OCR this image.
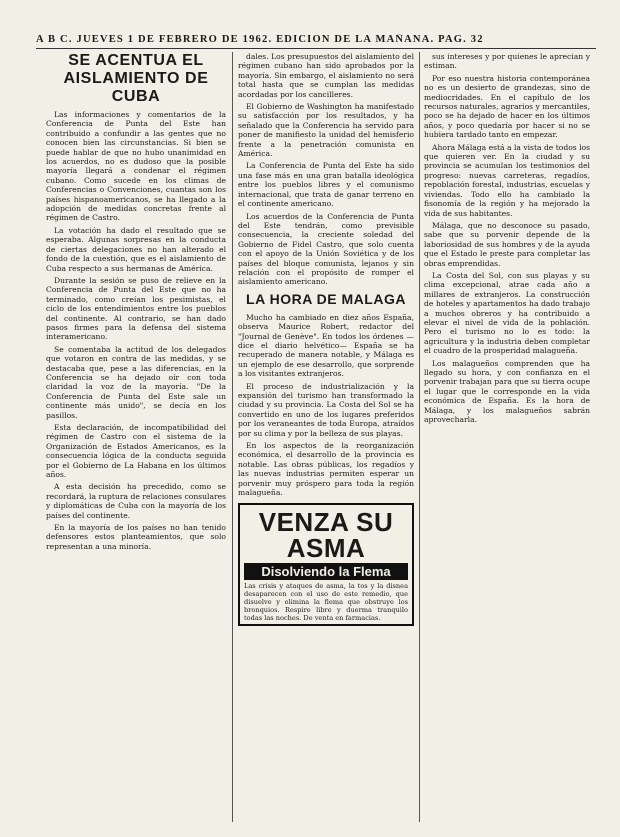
A B C. JUEVES 1 DE FEBRERO DE 1962. EDICION DE LA MAÑANA. PAG. 32
SE ACENTUA EL AISLAMIENTO DE CUBA

Las informaciones y comentarios de la Conferencia de Punta del Este han contribuido a confundir a las gentes que no conocen bien las circunstancias. Si bien se puede hablar de que no hubo unanimidad en los acuerdos, no es dudoso que la posible mayoría llegará a condenar el régimen cubano. Como sucede en los climas de Conferencias o Convenciones, cuantas son los países hispanoamericanos, se ha llegado a la adopción de medidas concretas frente al régimen de Castro.

La votación ha dado el resultado que se esperaba. Algunas sorpresas en la conducta de ciertas delegaciones no han alterado el fondo de la cuestión, que es el aislamiento de Cuba respecto a sus hermanas de América.

Durante la sesión se puso de relieve en la Conferencia de Punta del Este que no ha terminado, como creían los pesimistas, el ciclo de los entendimientos entre los pueblos del continente. Al contrario, se han dado pasos firmes para la defensa del sistema interamericano.

Se comentaba la actitud de los delegados que votaron en contra de las medidas, y se destacaba que, pese a las diferencias, en la Conferencia se ha dejado oír con toda claridad la voz de la mayoría. "De la Conferencia de Punta del Este sale un continente más unido", se decía en los pasillos.

Esta declaración, de incompatibilidad del régimen de Castro con el sistema de la Organización de Estados Americanos, es la consecuencia lógica de la conducta seguida por el Gobierno de La Habana en los últimos años.

A esta decisión ha precedido, como se recordará, la ruptura de relaciones consulares y diplomáticas de Cuba con la mayoría de los países del continente.

En la mayoría de los países no han tenido defensores estos planteamientos, que solo representan a una minoría.

dales. Los presupuestos del aislamiento del régimen cubano han sido aprobados por la mayoría. Sin embargo, el aislamiento no será total hasta que se cumplan las medidas acordadas por los cancilleres.

El Gobierno de Washington ha manifestado su satisfacción por los resultados, y ha señalado que la Conferencia ha servido para poner de manifiesto la unidad del hemisferio frente a la penetración comunista en América.

La Conferencia de Punta del Este ha sido una fase más en una gran batalla ideológica entre los pueblos libres y el comunismo internacional, que trata de ganar terreno en el continente americano.

Los acuerdos de la Conferencia de Punta del Este tendrán, como previsible consecuencia, la creciente soledad del Gobierno de Fidel Castro, que solo cuenta con el apoyo de la Unión Soviética y de los países del bloque comunista, lejanos y sin relación con el propósito de romper el aislamiento americano.

LA HORA DE MALAGA

Mucho ha cambiado en diez años España, observa Maurice Robert, redactor del "Journal de Genève". En todos los órdenes —dice el diario helvético— España se ha recuperado de manera notable, y Málaga es un ejemplo de ese desarrollo, que sorprende a los visitantes extranjeros.

El proceso de industrialización y la expansión del turismo han transformado la ciudad y su provincia. La Costa del Sol se ha convertido en uno de los lugares preferidos por los veraneantes de toda Europa, atraídos por su clima y por la belleza de sus playas.

En los aspectos de la reorganización económica, el desarrollo de la provincia es notable. Las obras públicas, los regadíos y las nuevas industrias permiten esperar un porvenir muy próspero para toda la región malagueña.

VENZA SU ASMA
Disolviendo la Flema
Las crisis y ataques de asma, la tos y la disnea desaparecen con el uso de este remedio, que disuelve y elimina la flema que obstruye los bronquios. Respire libre y duerma tranquilo todas las noches. De venta en farmacias.

sus intereses y por quienes le aprecian y estiman.

Por eso nuestra historia contemporánea no es un desierto de grandezas, sino de mediocridades. En el capítulo de los recursos naturales, agrarios y mercantiles, poco se ha dejado de hacer en los últimos años, y poco quedaría por hacer si no se hubiera tardado tanto en empezar.

Ahora Málaga está a la vista de todos los que quieren ver. En la ciudad y su provincia se acumulan los testimonios del progreso: nuevas carreteras, regadíos, repoblación forestal, industrias, escuelas y viviendas. Todo ello ha cambiado la fisonomía de la región y ha mejorado la vida de sus habitantes.

Málaga, que no desconoce su pasado, sabe que su porvenir depende de la laboriosidad de sus hombres y de la ayuda que el Estado le preste para completar las obras emprendidas.

La Costa del Sol, con sus playas y su clima excepcional, atrae cada año a millares de extranjeros. La construcción de hoteles y apartamentos ha dado trabajo a muchos obreros y ha contribuido a elevar el nivel de vida de la población. Pero el turismo no lo es todo: la agricultura y la industria deben completar el cuadro de la prosperidad malagueña.

Los malagueños comprenden que ha llegado su hora, y con confianza en el porvenir trabajan para que su tierra ocupe el lugar que le corresponde en la vida económica de España. Es la hora de Málaga, y los malagueños sabrán aprovecharla.
